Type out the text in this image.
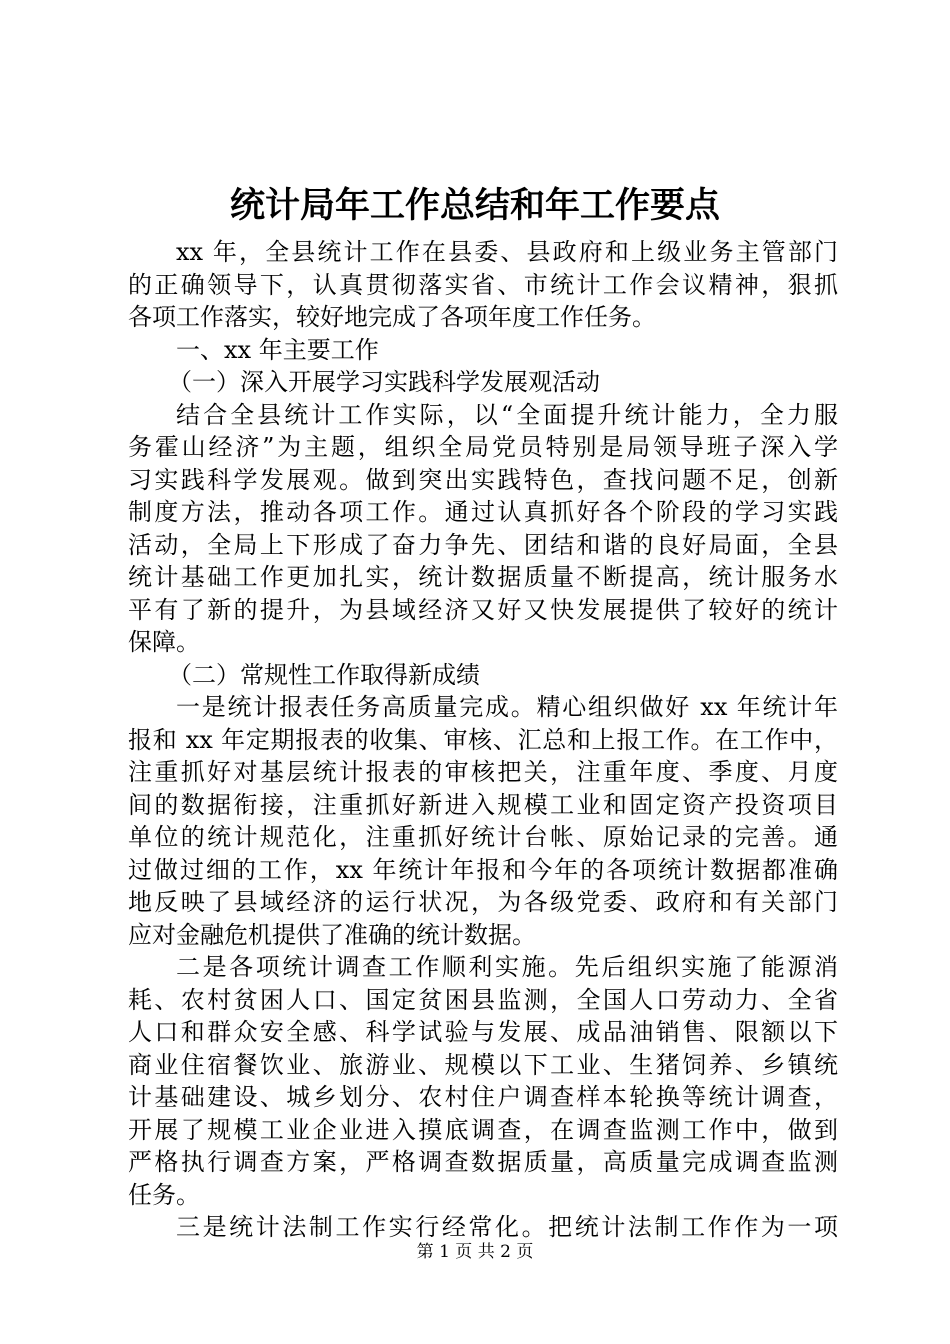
统计局年工作总结和年工作要点
xx 年，全县统计工作在县委、县政府和上级业务主管部门
的正确领导下，认真贯彻落实省、市统计工作会议精神，狠抓
各项工作落实，较好地完成了各项年度工作任务。
一、xx 年主要工作
（一）深入开展学习实践科学发展观活动
结合全县统计工作实际，以“全面提升统计能力，全力服
务霍山经济”为主题，组织全局党员特别是局领导班子深入学
习实践科学发展观。做到突出实践特色，查找问题不足，创新
制度方法，推动各项工作。通过认真抓好各个阶段的学习实践
活动，全局上下形成了奋力争先、团结和谐的良好局面，全县
统计基础工作更加扎实，统计数据质量不断提高，统计服务水
平有了新的提升，为县域经济又好又快发展提供了较好的统计
保障。
（二）常规性工作取得新成绩
一是统计报表任务高质量完成。精心组织做好 xx 年统计年
报和 xx 年定期报表的收集、审核、汇总和上报工作。在工作中，
注重抓好对基层统计报表的审核把关，注重年度、季度、月度
间的数据衔接，注重抓好新进入规模工业和固定资产投资项目
单位的统计规范化，注重抓好统计台帐、原始记录的完善。通
过做过细的工作，xx 年统计年报和今年的各项统计数据都准确
地反映了县域经济的运行状况，为各级党委、政府和有关部门
应对金融危机提供了准确的统计数据。
二是各项统计调查工作顺利实施。先后组织实施了能源消
耗、农村贫困人口、国定贫困县监测，全国人口劳动力、全省
人口和群众安全感、科学试验与发展、成品油销售、限额以下
商业住宿餐饮业、旅游业、规模以下工业、生猪饲养、乡镇统
计基础建设、城乡划分、农村住户调查样本轮换等统计调查，
开展了规模工业企业进入摸底调查，在调查监测工作中，做到
严格执行调查方案，严格调查数据质量，高质量完成调查监测
任务。
三是统计法制工作实行经常化。把统计法制工作作为一项
第 1 页 共 2 页
